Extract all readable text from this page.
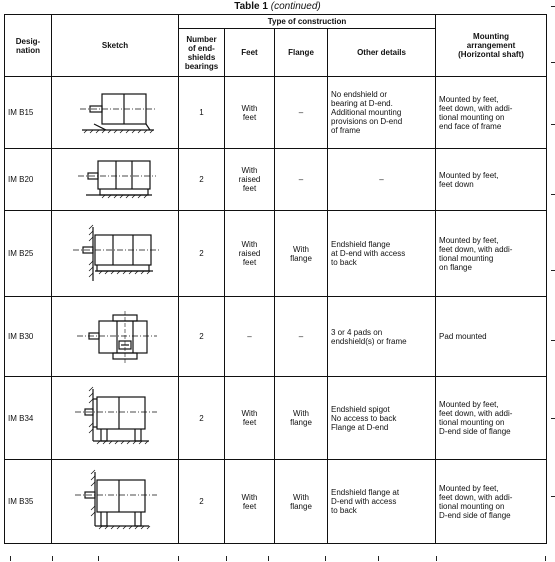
Table 1 (continued)
Desig-
nation	Sketch	Type of construction				Mounting
arrangement
(Horizontal shaft)
		Number
of end-
shields
bearings	Feet	Flange	Other details	
IM B15		1	With
feet	–	No endshield or
bearing at D-end.
Additional mounting
provisions on D-end
of frame	Mounted by feet,
feet down, with addi-
tional mounting on
end face of frame
IM B20		2	With
raised
feet	–	–	Mounted by feet,
feet down
IM B25		2	With
raised
feet	With
flange	Endshield flange
at D-end with access
to back	Mounted by feet,
feet down, with addi-
tional mounting
on flange
IM B30		2	–	–	3 or 4 pads on
endshield(s) or frame	Pad mounted
IM B34		2	With
feet	With
flange	Endshield spigot
No access to back
Flange at D-end	Mounted by feet,
feet down, with addi-
tional mounting on
D-end side of flange
IM B35		2	With
feet	With
flange	Endshield flange at
D-end with access
to back	Mounted by feet,
feet down, with addi-
tional mounting on
D-end side of flange
